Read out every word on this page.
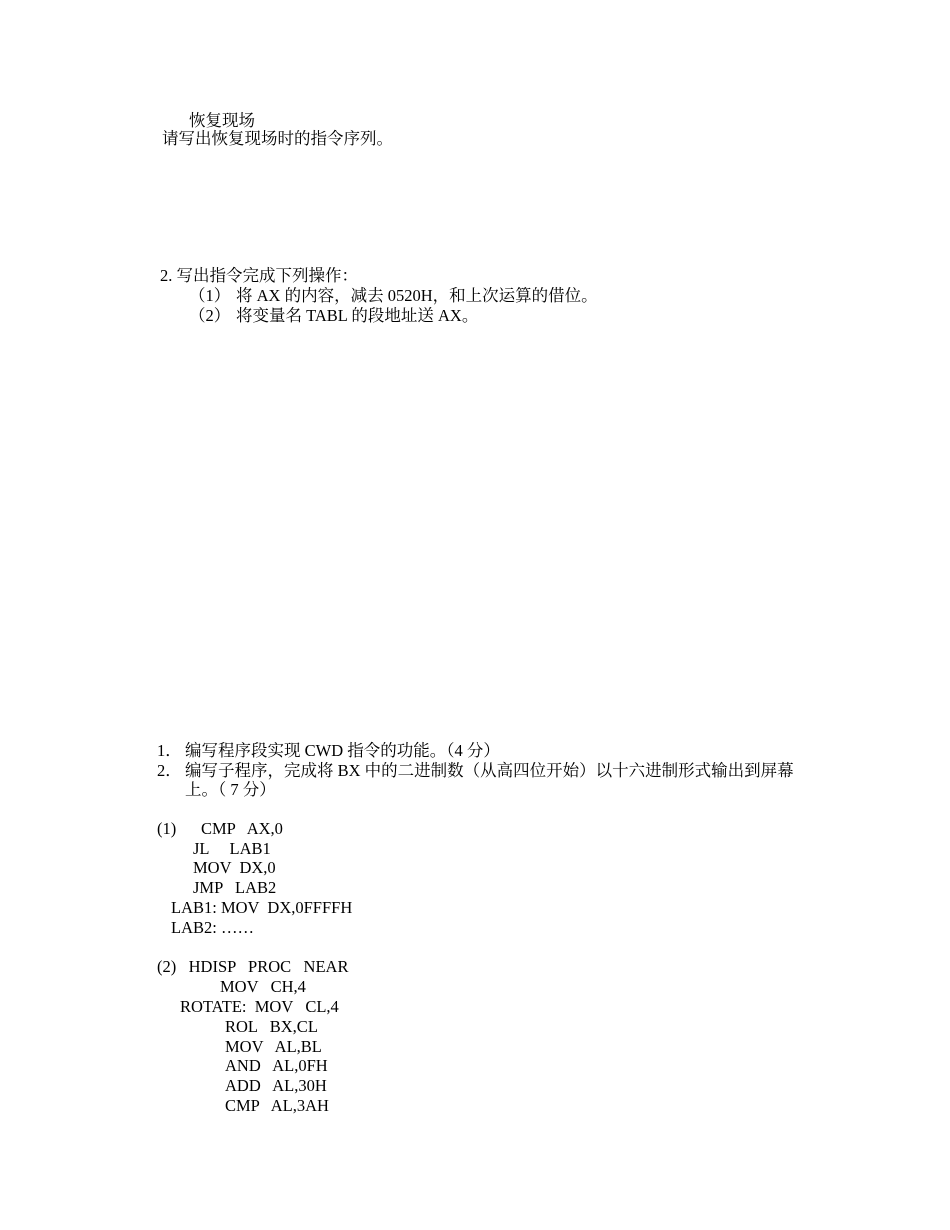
恢复现场
请写出恢复现场时的指令序列。
2. 写出指令完成下列操作：
（1） 将 AX 的内容，减去 0520H，和上次运算的借位。
（2） 将变量名 TABL 的段地址送 AX。
1． 编写程序段实现 CWD 指令的功能。（4 分）
2． 编写子程序，完成将 BX 中的二进制数（从高四位开始）以十六进制形式输出到屏幕
上。（ 7 分）
(1)      CMP   AX,0
JL     LAB1
MOV  DX,0
JMP   LAB2
LAB1: MOV  DX,0FFFFH
LAB2: ……
(2)   HDISP   PROC   NEAR
MOV   CH,4
ROTATE:  MOV   CL,4
ROL   BX,CL
MOV   AL,BL
AND   AL,0FH
ADD   AL,30H
CMP   AL,3AH
